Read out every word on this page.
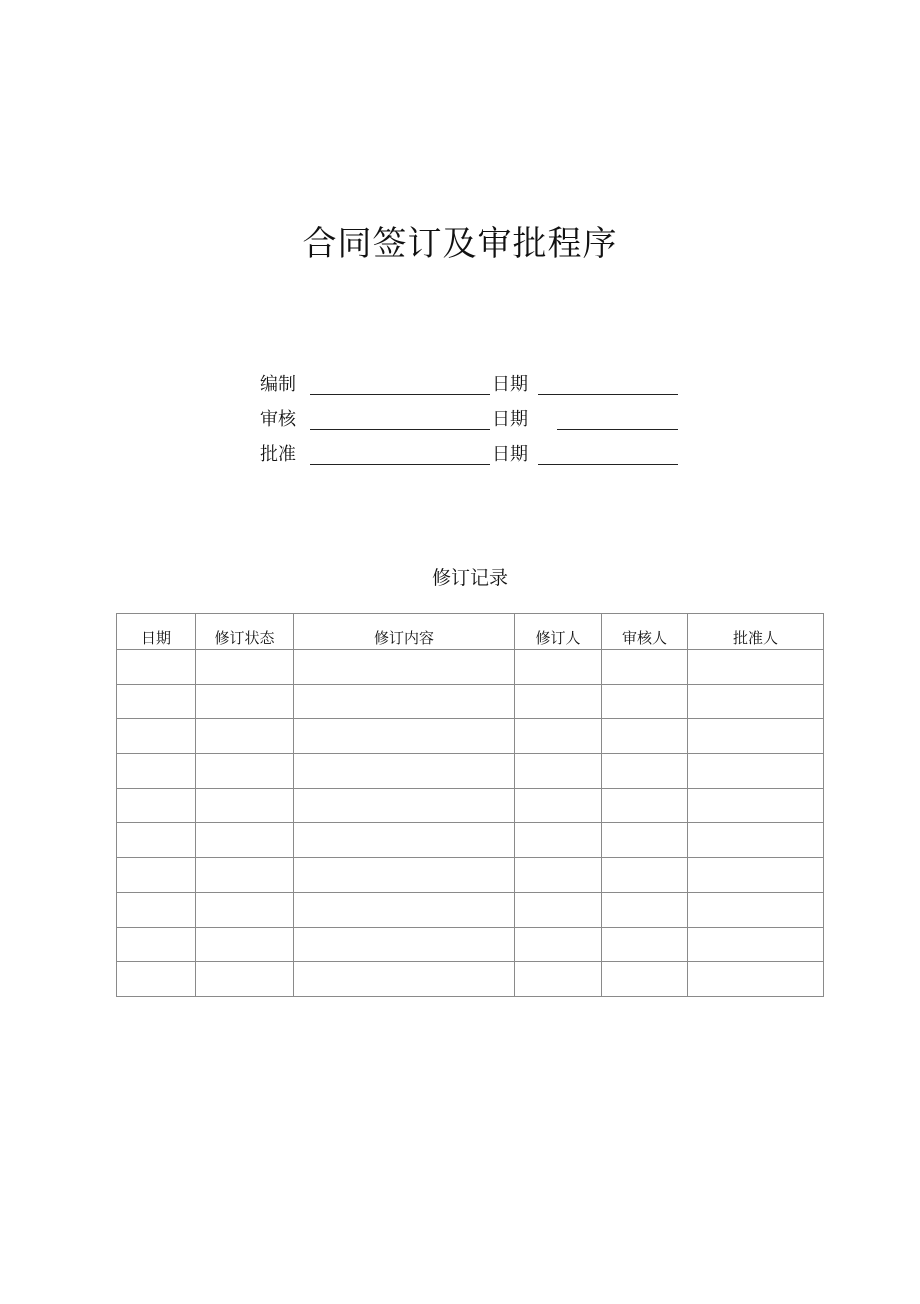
合同签订及审批程序
编制	日期
审核	日期
批准	日期
修订记录
日期	修订状态	修订内容	修订人	审核人	批准人
